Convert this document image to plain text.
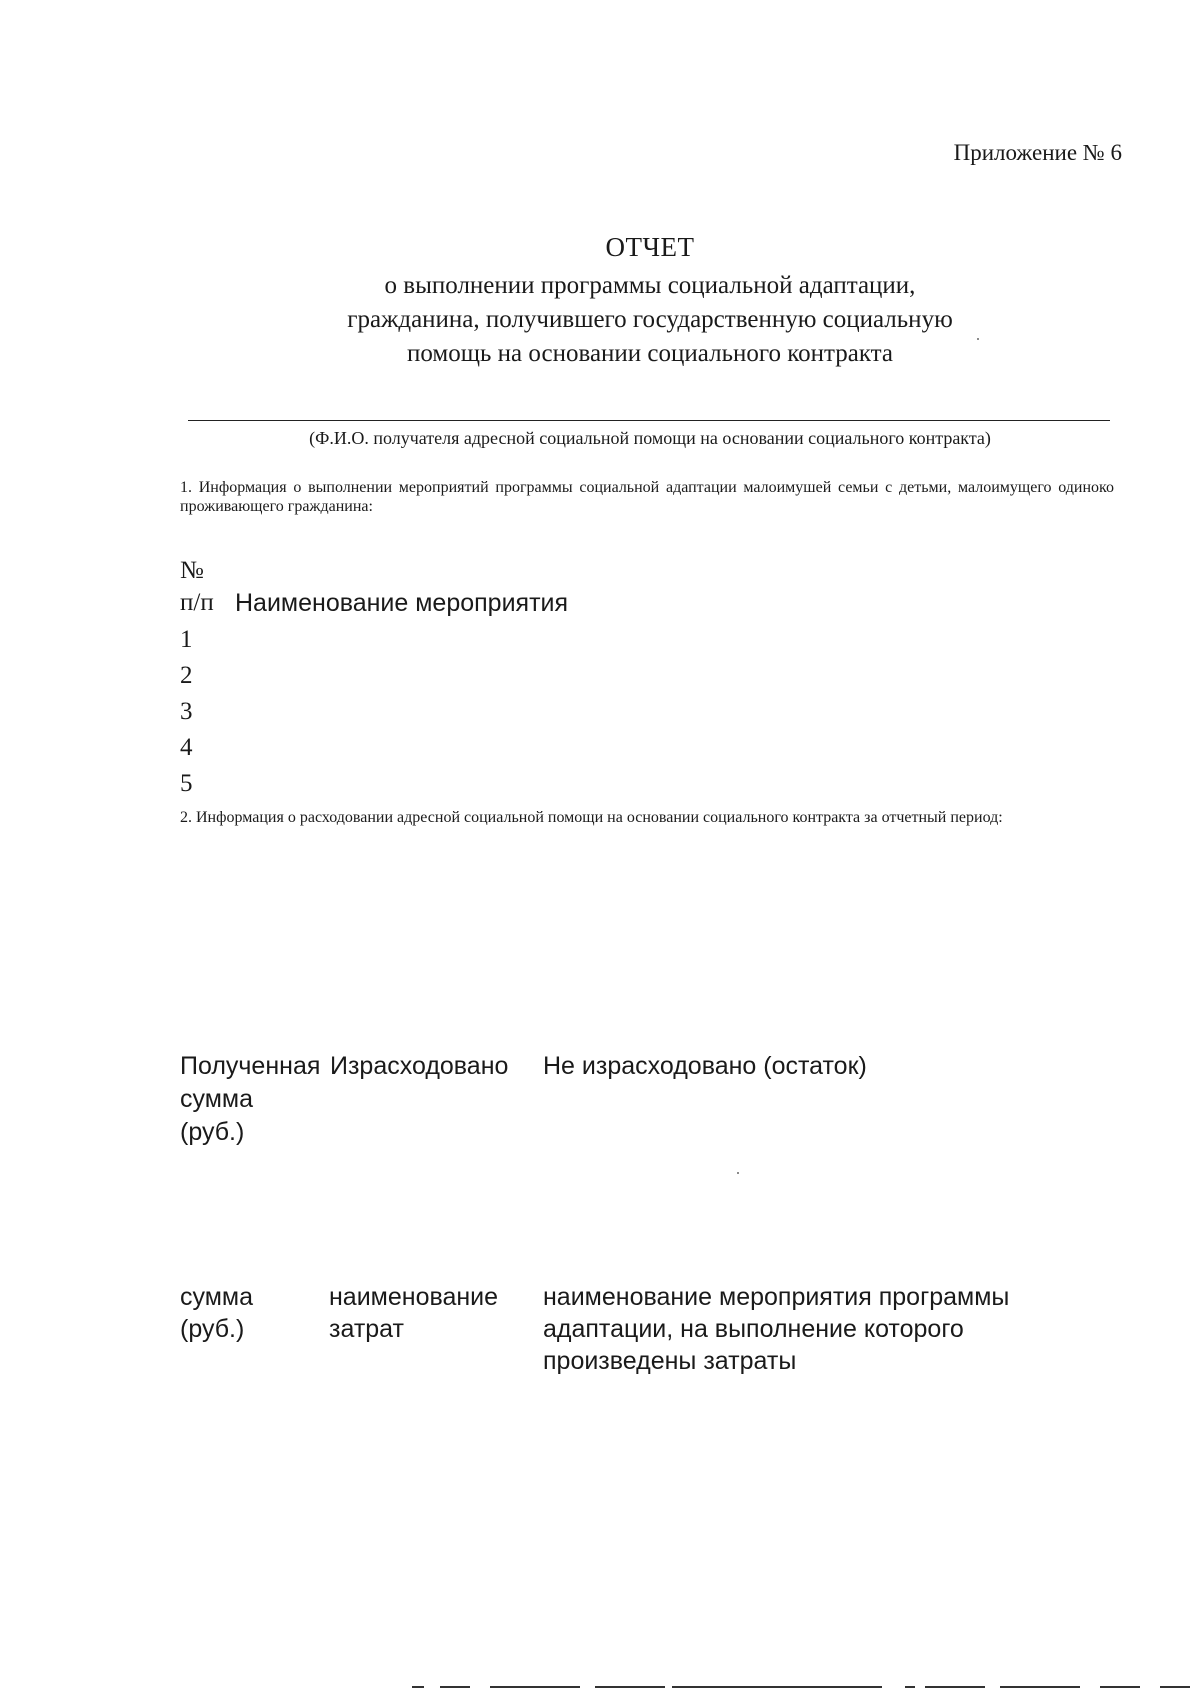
Приложение № 6
ОТЧЕТ
о выполнении программы социальной адаптации,
гражданина, получившего государственную социальную
помощь на основании социального контракта
(Ф.И.О. получателя адресной социальной помощи на основании социального контракта)
1. Информация о выполнении мероприятий программы социальной адаптации малоимушей семьи с детьми, малоимущего одиноко проживающего гражданина:
№
п/п Наименование мероприятия
1
2
3
4
5
2. Информация о расходовании адресной социальной помощи на основании социального контракта за отчетный период:
Полученная
сумма
(руб.)
Израсходовано Не израсходовано (остаток)
сумма
(руб.)
наименование
затрат
наименование мероприятия программы
адаптации, на выполнение которого
произведены затраты
